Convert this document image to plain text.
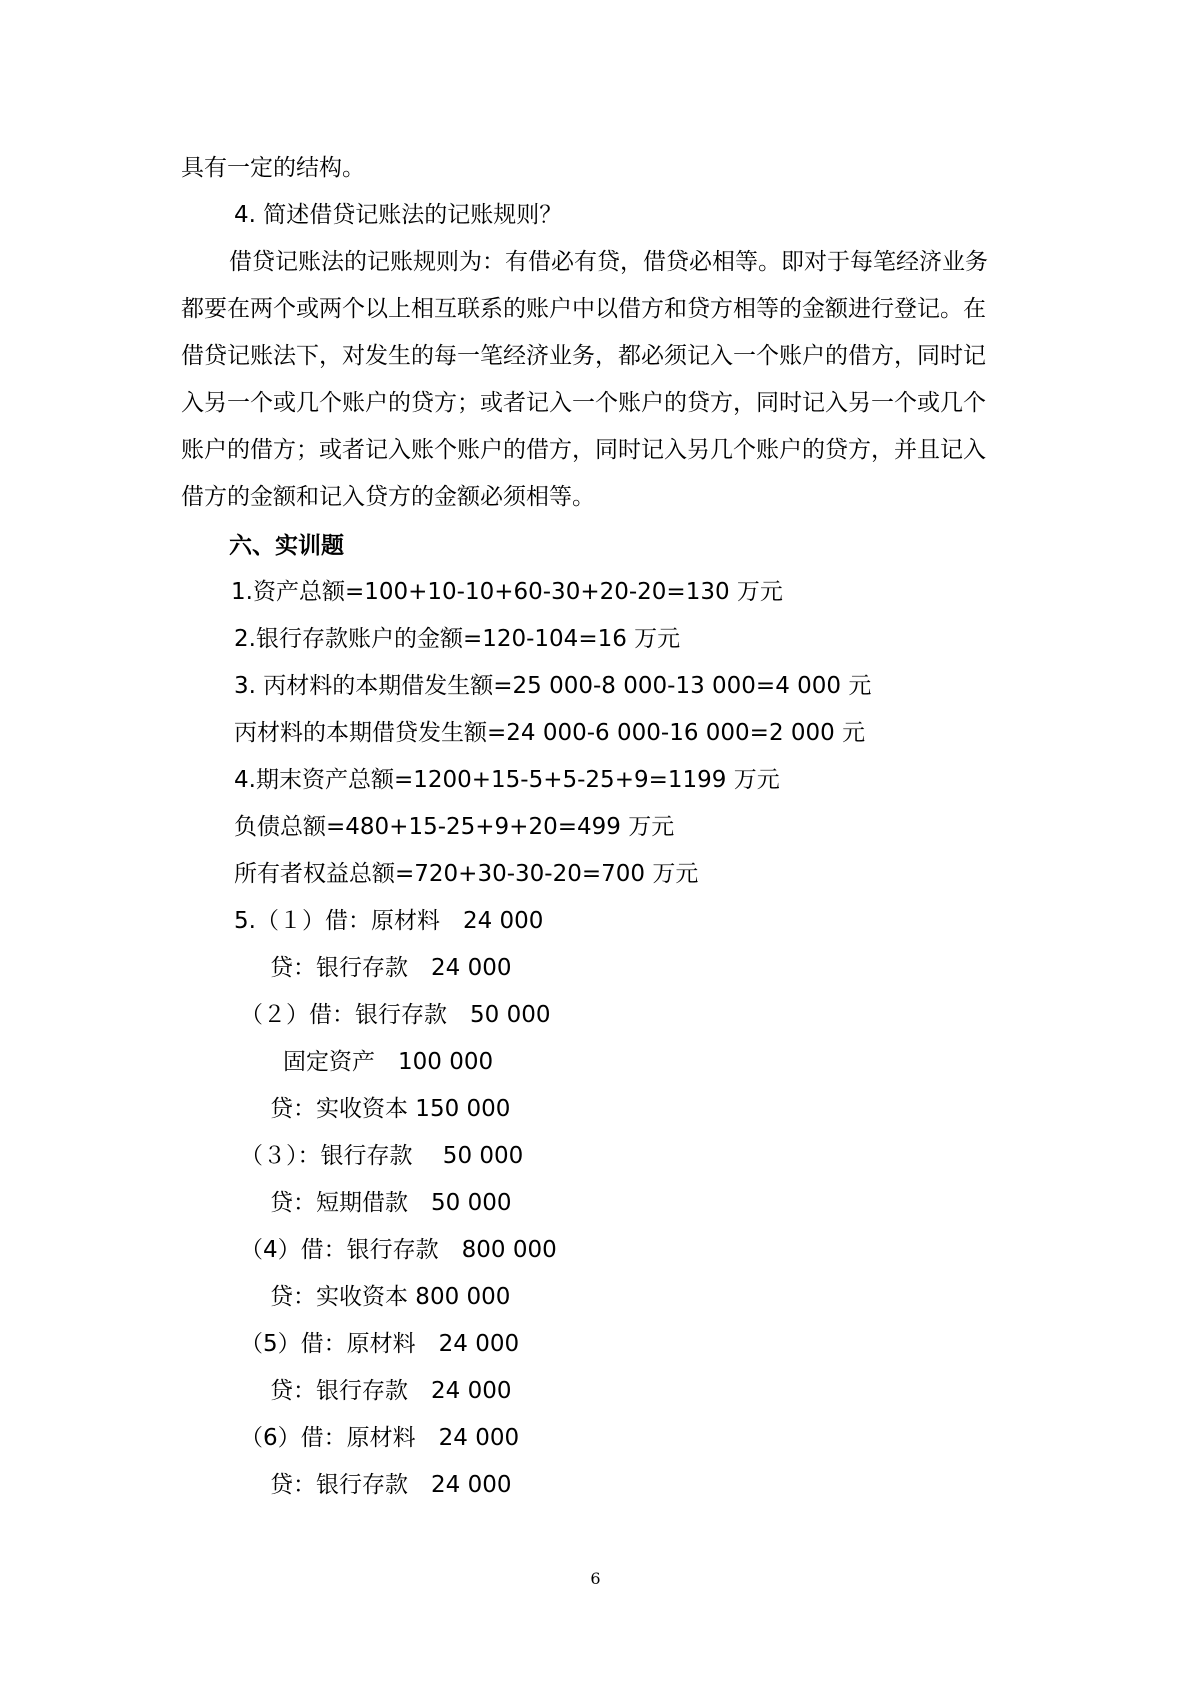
具有一定的结构。
4. 简述借贷记账法的记账规则？
借贷记账法的记账规则为：有借必有贷，借贷必相等。即对于每笔经济业务
都要在两个或两个以上相互联系的账户中以借方和贷方相等的金额进行登记。在
借贷记账法下，对发生的每一笔经济业务，都必须记入一个账户的借方，同时记
入另一个或几个账户的贷方；或者记入一个账户的贷方，同时记入另一个或几个
账户的借方；或者记入账个账户的借方，同时记入另几个账户的贷方，并且记入
借方的金额和记入贷方的金额必须相等。
六、实训题
1.资产总额=100+10-10+60-30+20-20=130 万元
2.银行存款账户的金额=120-104=16 万元
3. 丙材料的本期借发生额=25 000-8 000-13 000=4 000 元
丙材料的本期借贷发生额=24 000-6 000-16 000=2 000 元
4.期末资产总额=1200+15-5+5-25+9=1199 万元
负债总额=480+15-25+9+20=499 万元
所有者权益总额=720+30-30-20=700 万元
5.（１）借：原材料　24 000
贷：银行存款　24 000
（２）借：银行存款　50 000
固定资产　100 000
贷：实收资本 150 000
（３）：银行存款　 50 000
贷：短期借款　50 000
（4）借：银行存款　800 000
贷：实收资本 800 000
（5）借：原材料　24 000
贷：银行存款　24 000
（6）借：原材料　24 000
贷：银行存款　24 000
6
